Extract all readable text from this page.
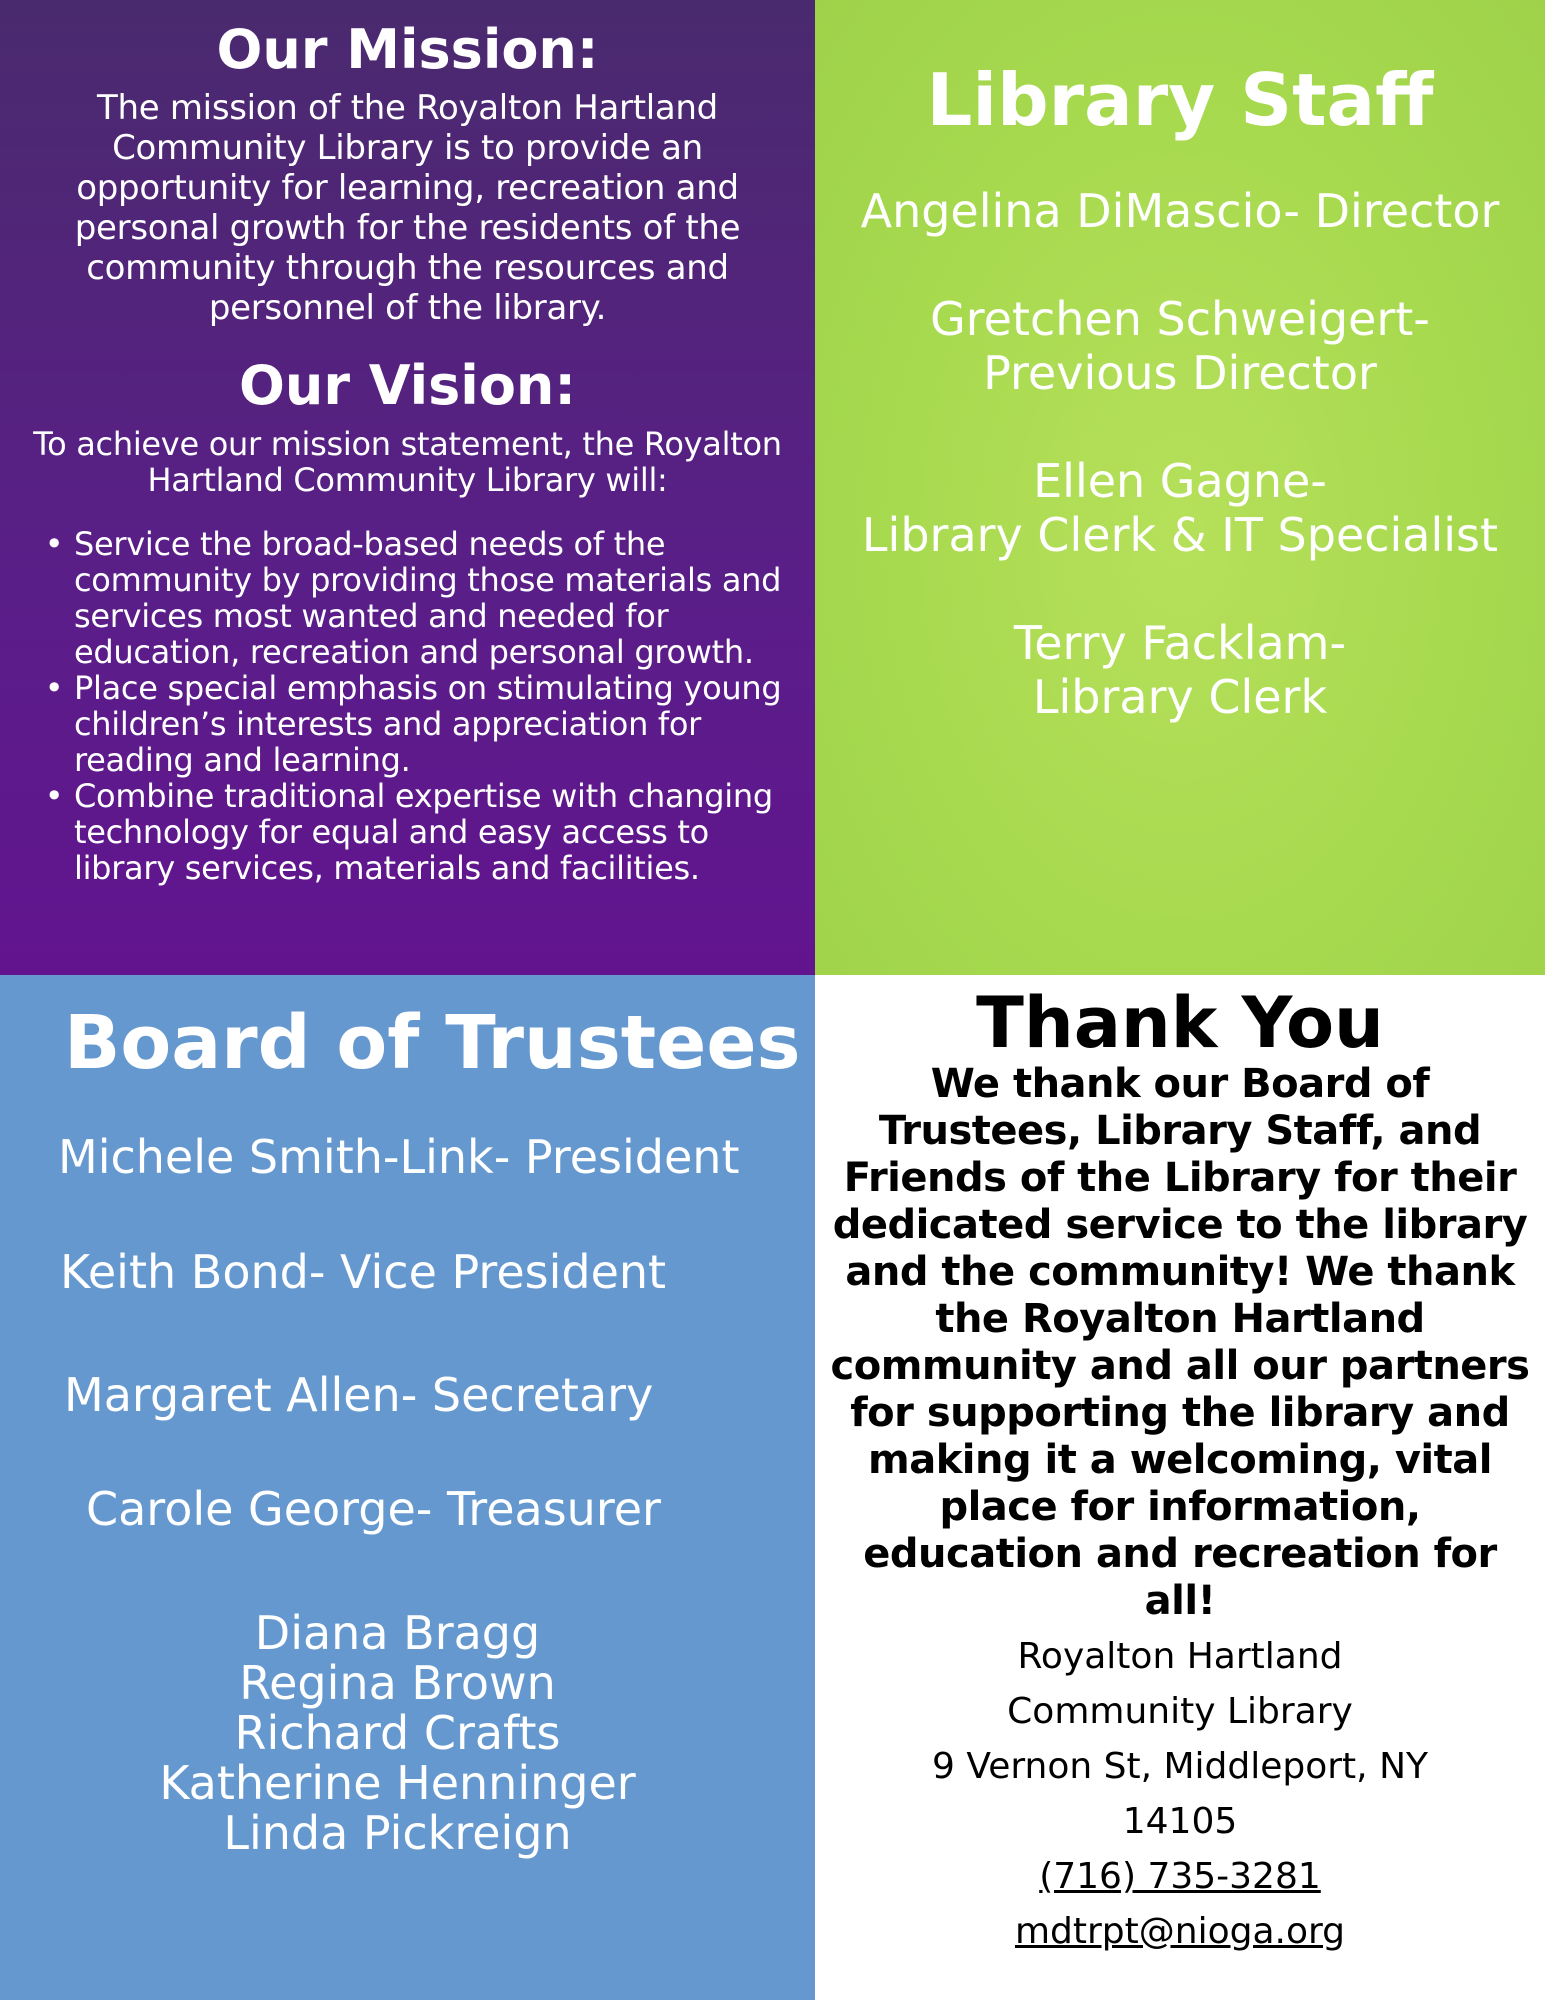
Our Mission:

The mission of the Royalton Hartland Community Library is to provide an opportunity for learning, recreation and personal growth for the residents of the community through the resources and personnel of the library.

Our Vision:

To achieve our mission statement, the Royalton Hartland Community Library will:

• Service the broad-based needs of the community by providing those materials and services most wanted and needed for education, recreation and personal growth.
• Place special emphasis on stimulating young children’s interests and appreciation for reading and learning.
• Combine traditional expertise with changing technology for equal and easy access to library services, materials and facilities.
Library Staff
Angelina DiMascio- Director
Gretchen Schweigert-
Previous Director
Ellen Gagne-
Library Clerk & IT Specialist
Terry Facklam-
Library Clerk
Board of Trustees
Michele Smith-Link- President
Keith Bond- Vice President
Margaret Allen- Secretary
Carole George- Treasurer
Diana Bragg
Regina Brown
Richard Crafts
Katherine Henninger
Linda Pickreign
Thank You

We thank our Board of Trustees, Library Staff, and Friends of the Library for their dedicated service to the library and the community! We thank the Royalton Hartland community and all our partners for supporting the library and making it a welcoming, vital place for information, education and recreation for all!

Royalton Hartland
Community Library
9 Vernon St, Middleport, NY
14105
(716) 735-3281
mdtrpt@nioga.org
